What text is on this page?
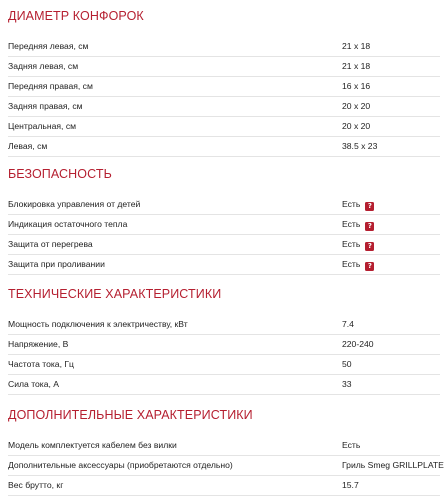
ДИАМЕТР КОНФОРОК
Передняя левая, см	21 x 18
Задняя левая, см	21 x 18
Передняя правая, см	16 x 16
Задняя правая, см	20 x 20
Центральная, см	20 x 20
Левая, см	38.5 x 23
БЕЗОПАСНОСТЬ
Блокировка управления от детей	Есть ?
Индикация остаточного тепла	Есть ?
Защита от перегрева	Есть ?
Защита при проливании	Есть ?
ТЕХНИЧЕСКИЕ ХАРАКТЕРИСТИКИ
Мощность подключения к электричеству, кВт	7.4
Напряжение, В	220-240
Частота тока, Гц	50
Сила тока, А	33
ДОПОЛНИТЕЛЬНЫЕ ХАРАКТЕРИСТИКИ
Модель комплектуется кабелем без вилки	Есть
Дополнительные аксессуары (приобретаются отдельно)	Гриль Smeg GRILLPLATE
Вес брутто, кг	15.7
